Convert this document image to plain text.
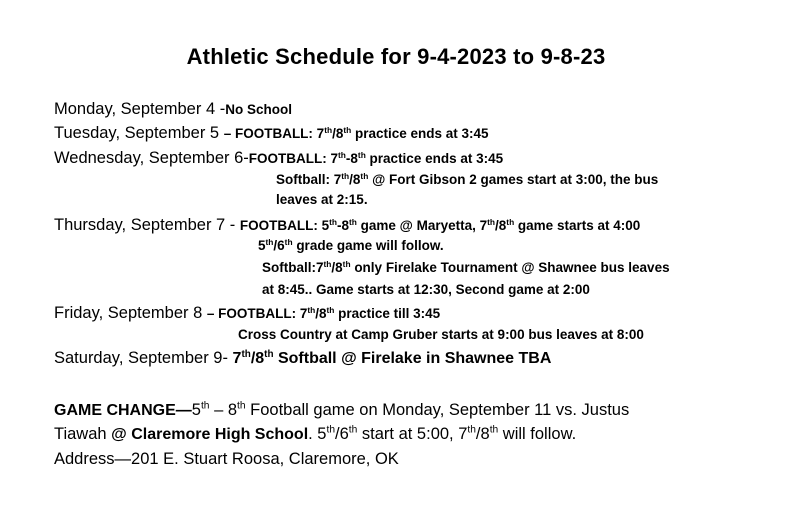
Athletic Schedule for 9-4-2023 to 9-8-23
Monday, September 4 -No School
Tuesday, September 5 – FOOTBALL: 7th/8th practice ends at 3:45
Wednesday, September 6-FOOTBALL: 7th-8th practice ends at 3:45
Softball: 7th/8th @ Fort Gibson 2 games start at 3:00, the bus
leaves at 2:15.
Thursday, September 7 - FOOTBALL: 5th-8th game @ Maryetta, 7th/8th game starts at 4:00
5th/6th grade game will follow.
Softball:7th/8th only Firelake Tournament @ Shawnee bus leaves
at 8:45.. Game starts at 12:30, Second game at 2:00
Friday, September 8 – FOOTBALL: 7th/8th practice till 3:45
Cross Country at Camp Gruber starts at 9:00 bus leaves at 8:00
Saturday, September 9- 7th/8th Softball @ Firelake in Shawnee TBA
GAME CHANGE—5th – 8th Football game on Monday, September 11 vs. Justus
Tiawah @ Claremore High School. 5th/6th start at 5:00, 7th/8th will follow.
Address—201 E. Stuart Roosa, Claremore, OK
